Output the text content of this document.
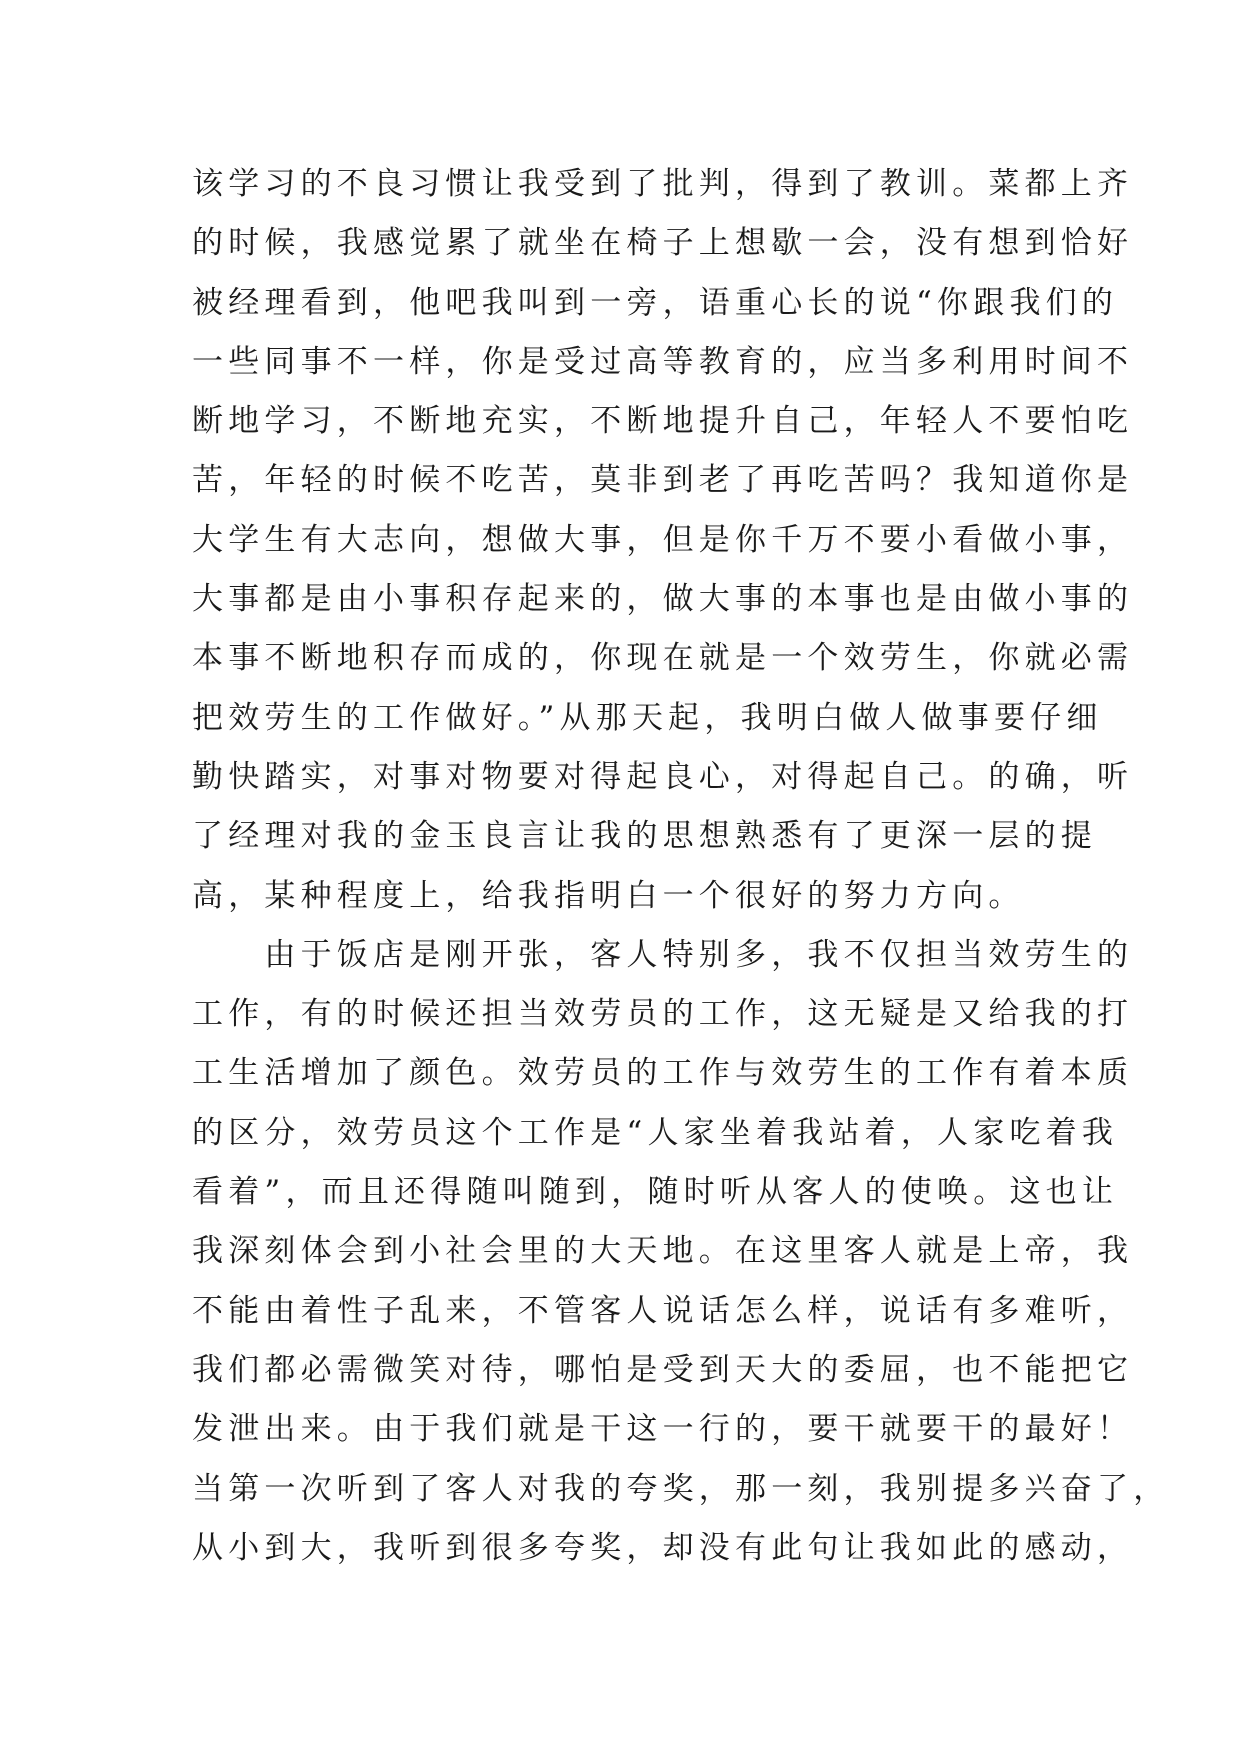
该学习的不良习惯让我受到了批判，得到了教训。菜都上齐
的时候，我感觉累了就坐在椅子上想歇一会，没有想到恰好
被经理看到，他吧我叫到一旁，语重心长的说“你跟我们的
一些同事不一样，你是受过高等教育的，应当多利用时间不
断地学习，不断地充实，不断地提升自己，年轻人不要怕吃
苦，年轻的时候不吃苦，莫非到老了再吃苦吗？我知道你是
大学生有大志向，想做大事，但是你千万不要小看做小事，
大事都是由小事积存起来的，做大事的本事也是由做小事的
本事不断地积存而成的，你现在就是一个效劳生，你就必需
把效劳生的工作做好。”从那天起，我明白做人做事要仔细
勤快踏实，对事对物要对得起良心，对得起自己。的确，听
了经理对我的金玉良言让我的思想熟悉有了更深一层的提
高，某种程度上，给我指明白一个很好的努力方向。
　　由于饭店是刚开张，客人特别多，我不仅担当效劳生的
工作，有的时候还担当效劳员的工作，这无疑是又给我的打
工生活增加了颜色。效劳员的工作与效劳生的工作有着本质
的区分，效劳员这个工作是“人家坐着我站着，人家吃着我
看着”，而且还得随叫随到，随时听从客人的使唤。这也让
我深刻体会到小社会里的大天地。在这里客人就是上帝，我
不能由着性子乱来，不管客人说话怎么样，说话有多难听，
我们都必需微笑对待，哪怕是受到天大的委屈，也不能把它
发泄出来。由于我们就是干这一行的，要干就要干的最好！
当第一次听到了客人对我的夸奖，那一刻，我别提多兴奋了，
从小到大，我听到很多夸奖，却没有此句让我如此的感动，
